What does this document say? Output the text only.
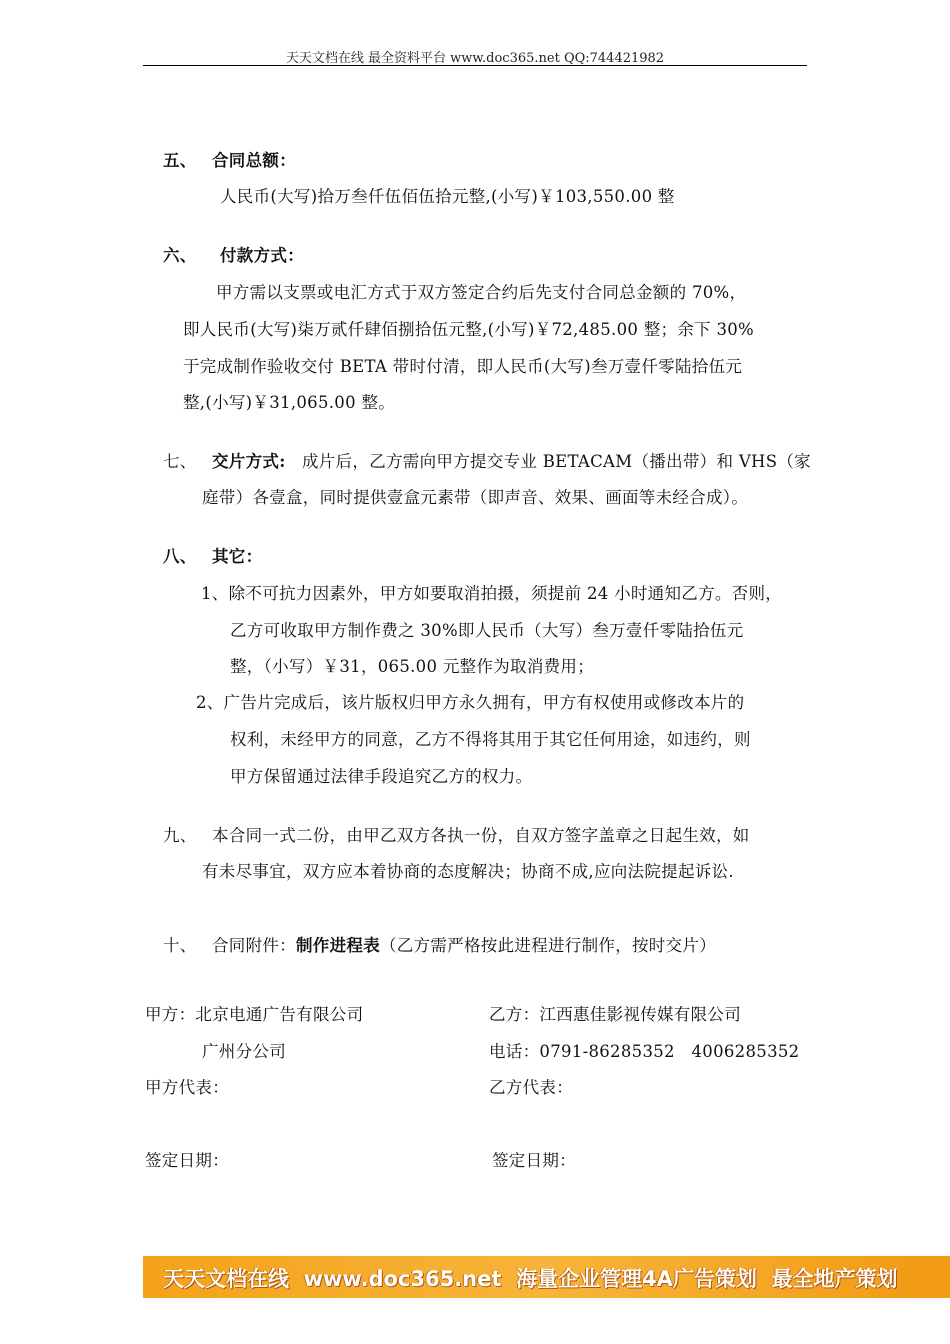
天天文档在线 最全资料平台 www.doc365.net QQ:744421982
五、 合同总额：
人民币(大写)拾万叁仟伍佰伍拾元整,(小写)￥103,550.00 整
六、 付款方式：
甲方需以支票或电汇方式于双方签定合约后先支付合同总金额的 70%，
即人民币(大写)柒万贰仟肆佰捌拾伍元整,(小写)￥72,485.00 整；余下 30%
于完成制作验收交付 BETA 带时付清，即人民币(大写)叁万壹仟零陆拾伍元
整,(小写)￥31,065.00 整。
七、 交片方式: 成片后，乙方需向甲方提交专业 BETACAM（播出带）和 VHS（家
庭带）各壹盒，同时提供壹盒元素带（即声音、效果、画面等未经合成）。
八、 其它：
1、除不可抗力因素外，甲方如要取消拍摄，须提前 24 小时通知乙方。否则，
乙方可收取甲方制作费之 30%即人民币（大写）叁万壹仟零陆拾伍元
整，（小写）￥31，065.00 元整作为取消费用；
2、广告片完成后，该片版权归甲方永久拥有，甲方有权使用或修改本片的
权利，未经甲方的同意，乙方不得将其用于其它任何用途，如违约，则
甲方保留通过法律手段追究乙方的权力。
九、 本合同一式二份，由甲乙双方各执一份，自双方签字盖章之日起生效，如
有未尽事宜，双方应本着协商的态度解决；协商不成,应向法院提起诉讼.
十、 合同附件：制作进程表（乙方需严格按此进程进行制作，按时交片）
甲方：北京电通广告有限公司	乙方：江西惠佳影视传媒有限公司
广州分公司	电话：0791-86285352   4006285352
甲方代表：	乙方代表：
签定日期：	签定日期：
天天文档在线  www.doc365.net  海量企业管理4A广告策划  最全地产策划
